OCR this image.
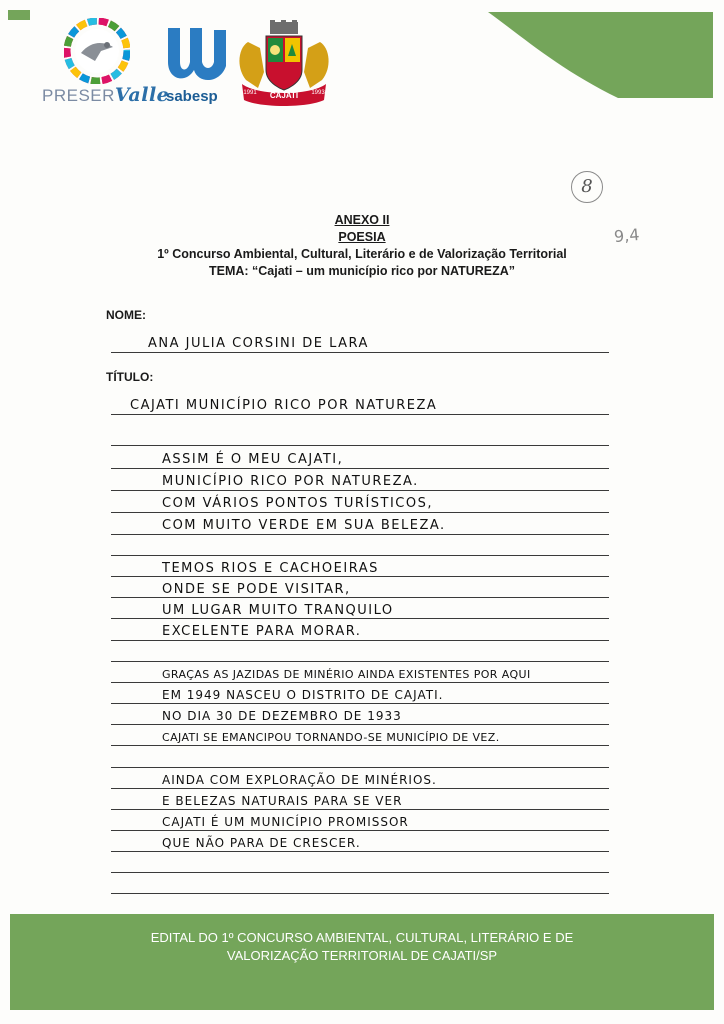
PRESERValle
sabesp	CAJATI
1991	1993
8
9,4
ANEXO II
POESIA
1º Concurso Ambiental, Cultural, Literário e de Valorização Territorial
TEMA: “Cajati – um município rico por NATUREZA”
NOME:
ANA JULIA CORSINI DE LARA
TÍTULO:
CAJATI MUNICÍPIO RICO POR NATUREZA
ASSIM É O MEU CAJATI,
MUNICÍPIO RICO POR NATUREZA.
COM VÁRIOS PONTOS TURÍSTICOS,
COM MUITO VERDE EM SUA BELEZA.
TEMOS RIOS E CACHOEIRAS
ONDE SE PODE VISITAR,
UM LUGAR MUITO TRANQUILO
EXCELENTE PARA MORAR.
GRAÇAS AS JAZIDAS DE MINÉRIO AINDA EXISTENTES POR AQUI
EM 1949 NASCEU O DISTRITO DE CAJATI.
NO DIA 30 DE DEZEMBRO DE 1933
CAJATI SE EMANCIPOU TORNANDO-SE MUNICÍPIO DE VEZ.
AINDA COM EXPLORAÇÃO DE MINÉRIOS.
E BELEZAS NATURAIS PARA SE VER
CAJATI É UM MUNICÍPIO PROMISSOR
QUE NÃO PARA DE CRESCER.
EDITAL DO 1º CONCURSO AMBIENTAL, CULTURAL, LITERÁRIO E DE
VALORIZAÇÃO TERRITORIAL DE CAJATI/SP
